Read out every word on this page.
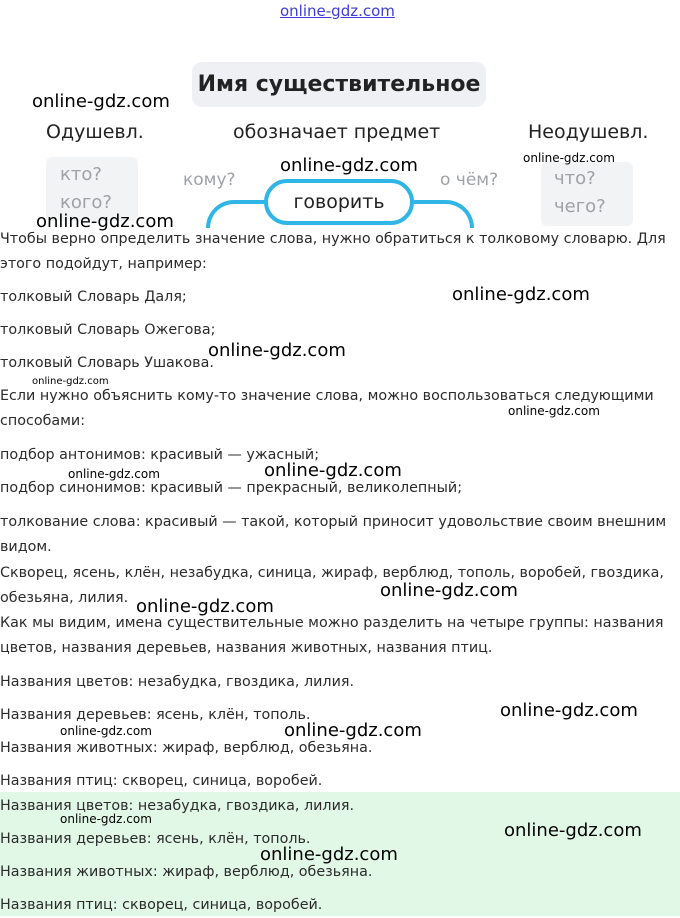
online-gdz.com
Имя существительное
Одушевл.	обозначает предмет	Неодушевл.
кто?
кого?
что?
чего?
кому?	о чём?
говорить
Чтобы верно определить значение слова, нужно обратиться к толковому словарю. Для
этого подойдут, например:
толковый Словарь Даля;
толковый Словарь Ожегова;
толковый Словарь Ушакова.
Если нужно объяснить кому-то значение слова, можно воспользоваться следующими
способами:
подбор антонимов: красивый — ужасный;
подбор синонимов: красивый — прекрасный, великолепный;
толкование слова: красивый — такой, который приносит удовольствие своим внешним
видом.
Скворец, ясень, клён, незабудка, синица, жираф, верблюд, тополь, воробей, гвоздика,
обезьяна, лилия.
Как мы видим, имена существительные можно разделить на четыре группы: названия
цветов, названия деревьев, названия животных, названия птиц.
Названия цветов: незабудка, гвоздика, лилия.
Названия деревьев: ясень, клён, тополь.
Названия животных: жираф, верблюд, обезьяна.
Названия птиц: скворец, синица, воробей.
Названия цветов: незабудка, гвоздика, лилия.
Названия деревьев: ясень, клён, тополь.
Названия животных: жираф, верблюд, обезьяна.
Названия птиц: скворец, синица, воробей.
online-gdz.com
online-gdz.com	online-gdz.com
online-gdz.com
online-gdz.com
online-gdz.com
online-gdz.com
online-gdz.com
online-gdz.com	online-gdz.com
online-gdz.com
online-gdz.com
online-gdz.com
online-gdz.com	online-gdz.com
online-gdz.com
online-gdz.com
online-gdz.com
